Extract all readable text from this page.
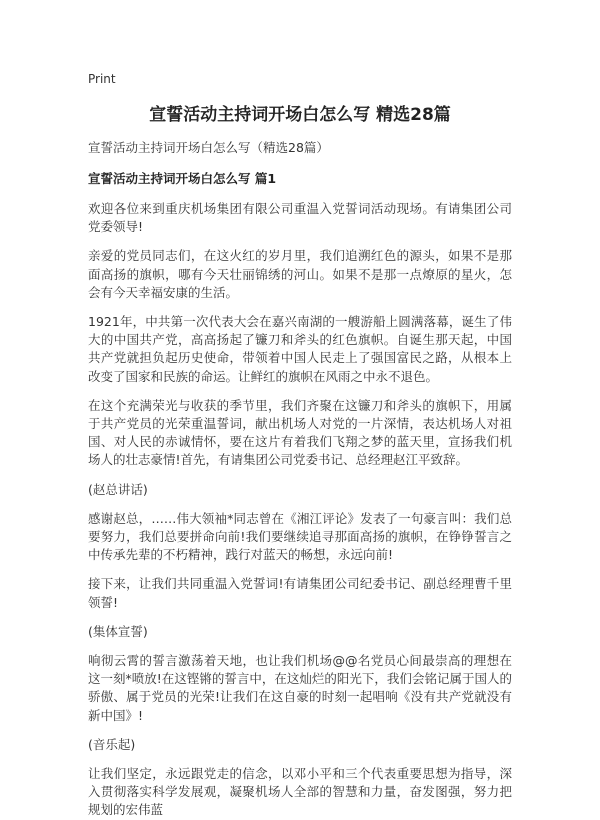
Print

宣誓活动主持词开场白怎么写 精选28篇

宣誓活动主持词开场白怎么写（精选28篇）

宣誓活动主持词开场白怎么写 篇1

欢迎各位来到重庆机场集团有限公司重温入党誓词活动现场。有请集团公司党委领导!

亲爱的党员同志们，在这火红的岁月里，我们追溯红色的源头，如果不是那面高扬的旗帜，哪有今天壮丽锦绣的河山。如果不是那一点燎原的星火，怎会有今天幸福安康的生活。

1921年，中共第一次代表大会在嘉兴南湖的一艘游船上圆满落幕，诞生了伟大的中国共产党，高高扬起了镰刀和斧头的红色旗帜。自诞生那天起，中国共产党就担负起历史使命，带领着中国人民走上了强国富民之路，从根本上改变了国家和民族的命运。让鲜红的旗帜在风雨之中永不退色。

在这个充满荣光与收获的季节里，我们齐聚在这镰刀和斧头的旗帜下，用属于共产党员的光荣重温誓词，献出机场人对党的一片深情，表达机场人对祖国、对人民的赤诚情怀，要在这片有着我们飞翔之梦的蓝天里，宣扬我们机场人的壮志豪情!首先，有请集团公司党委书记、总经理赵江平致辞。

(赵总讲话)

感谢赵总，……伟大领袖*同志曾在《湘江评论》发表了一句豪言叫：我们总要努力，我们总要拼命向前!我们要继续追寻那面高扬的旗帜，在铮铮誓言之中传承先辈的不朽精神，践行对蓝天的畅想，永远向前!

接下来，让我们共同重温入党誓词!有请集团公司纪委书记、副总经理曹千里领誓!

(集体宣誓)

响彻云霄的誓言激荡着天地，也让我们机场@@名党员心间最崇高的理想在这一刻*喷放!在这铿锵的誓言中，在这灿烂的阳光下，我们会铭记属于国人的骄傲、属于党员的光荣!让我们在这自豪的时刻一起唱响《没有共产党就没有新中国》!

(音乐起)

让我们坚定，永远跟党走的信念，以邓小平和三个代表重要思想为指导，深入贯彻落实科学发展观，凝聚机场人全部的智慧和力量，奋发图强，努力把规划的宏伟蓝
